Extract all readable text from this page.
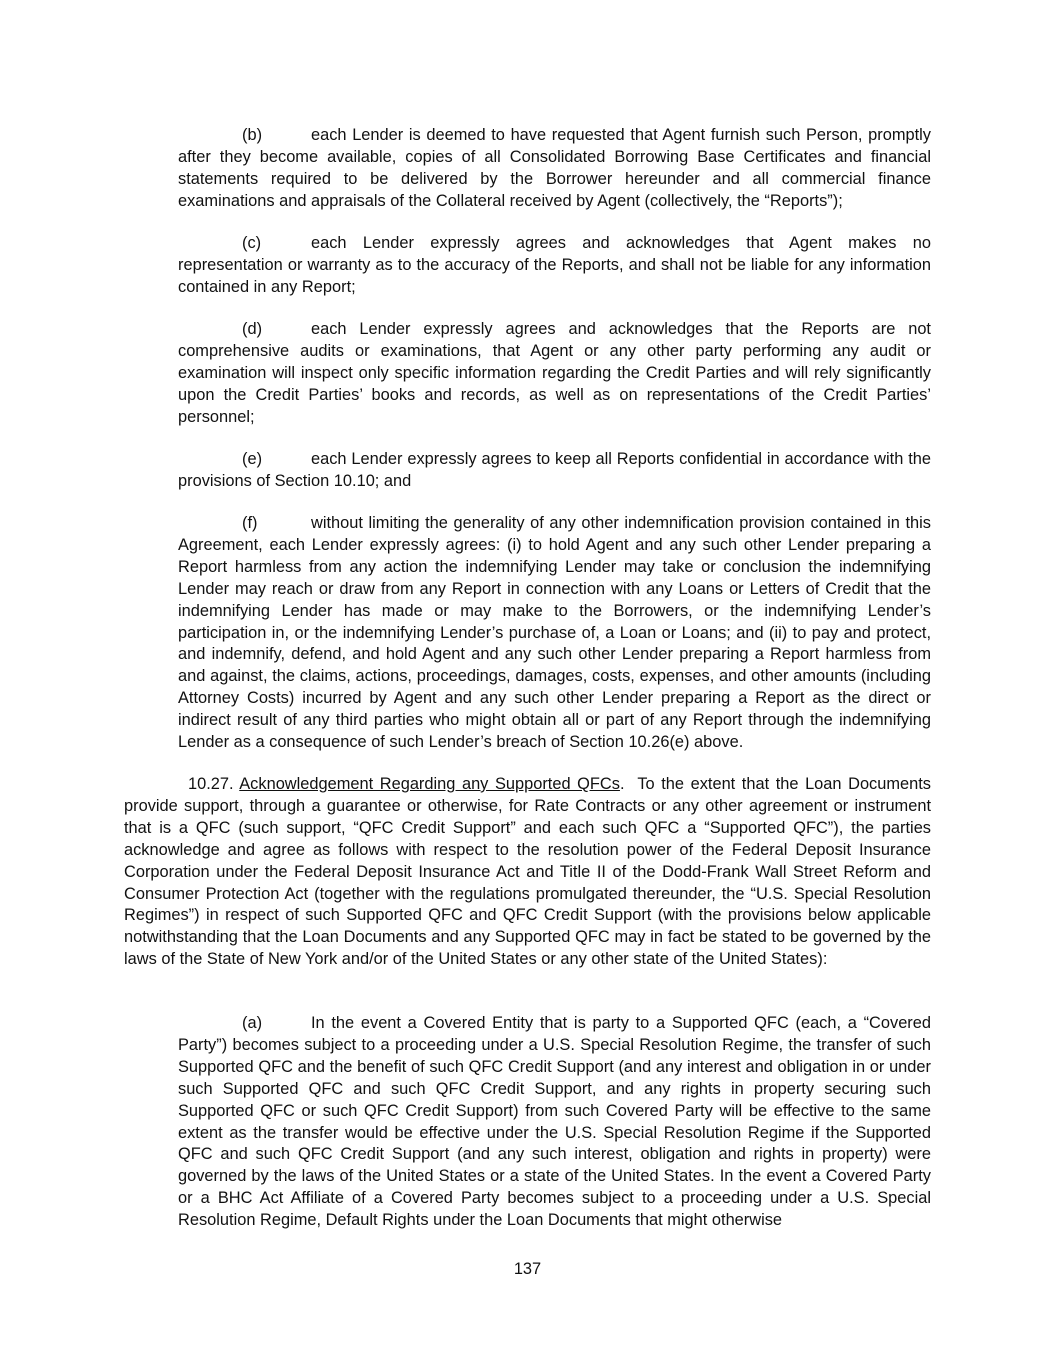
(b)	each Lender is deemed to have requested that Agent furnish such Person, promptly after they become available, copies of all Consolidated Borrowing Base Certificates and financial statements required to be delivered by the Borrower hereunder and all commercial finance examinations and appraisals of the Collateral received by Agent (collectively, the “Reports”);

(c)	each Lender expressly agrees and acknowledges that Agent makes no representation or warranty as to the accuracy of the Reports, and shall not be liable for any information contained in any Report;

(d)	each Lender expressly agrees and acknowledges that the Reports are not comprehensive audits or examinations, that Agent or any other party performing any audit or examination will inspect only specific information regarding the Credit Parties and will rely significantly upon the Credit Parties’ books and records, as well as on representations of the Credit Parties’ personnel;

(e)	each Lender expressly agrees to keep all Reports confidential in accordance with the provisions of Section 10.10; and

(f)	without limiting the generality of any other indemnification provision contained in this Agreement, each Lender expressly agrees: (i) to hold Agent and any such other Lender preparing a Report harmless from any action the indemnifying Lender may take or conclusion the indemnifying Lender may reach or draw from any Report in connection with any Loans or Letters of Credit that the indemnifying Lender has made or may make to the Borrowers, or the indemnifying Lender’s participation in, or the indemnifying Lender’s purchase of, a Loan or Loans; and (ii) to pay and protect, and indemnify, defend, and hold Agent and any such other Lender preparing a Report harmless from and against, the claims, actions, proceedings, damages, costs, expenses, and other amounts (including Attorney Costs) incurred by Agent and any such other Lender preparing a Report as the direct or indirect result of any third parties who might obtain all or part of any Report through the indemnifying Lender as a consequence of such Lender’s breach of Section 10.26(e) above.

10.27. Acknowledgement Regarding any Supported QFCs. To the extent that the Loan Documents provide support, through a guarantee or otherwise, for Rate Contracts or any other agreement or instrument that is a QFC (such support, “QFC Credit Support” and each such QFC a “Supported QFC”), the parties acknowledge and agree as follows with respect to the resolution power of the Federal Deposit Insurance Corporation under the Federal Deposit Insurance Act and Title II of the Dodd-Frank Wall Street Reform and Consumer Protection Act (together with the regulations promulgated thereunder, the “U.S. Special Resolution Regimes”) in respect of such Supported QFC and QFC Credit Support (with the provisions below applicable notwithstanding that the Loan Documents and any Supported QFC may in fact be stated to be governed by the laws of the State of New York and/or of the United States or any other state of the United States):

(a)	In the event a Covered Entity that is party to a Supported QFC (each, a “Covered Party”) becomes subject to a proceeding under a U.S. Special Resolution Regime, the transfer of such Supported QFC and the benefit of such QFC Credit Support (and any interest and obligation in or under such Supported QFC and such QFC Credit Support, and any rights in property securing such Supported QFC or such QFC Credit Support) from such Covered Party will be effective to the same extent as the transfer would be effective under the U.S. Special Resolution Regime if the Supported QFC and such QFC Credit Support (and any such interest, obligation and rights in property) were governed by the laws of the United States or a state of the United States. In the event a Covered Party or a BHC Act Affiliate of a Covered Party becomes subject to a proceeding under a U.S. Special Resolution Regime, Default Rights under the Loan Documents that might otherwise

137
